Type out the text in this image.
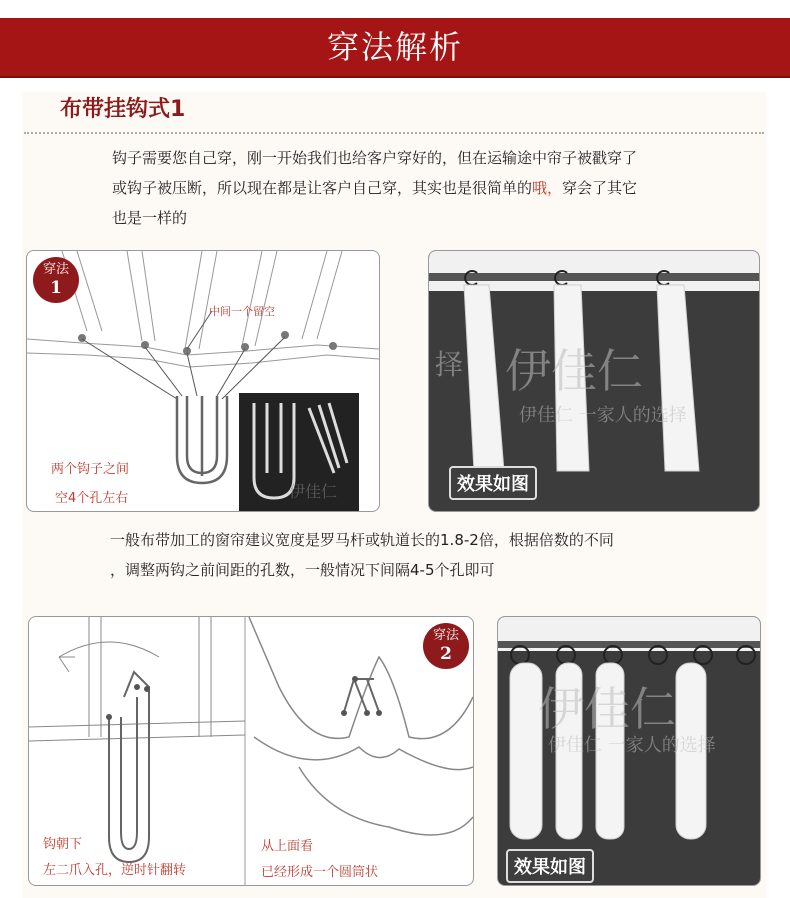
穿法解析
布带挂钩式1
钩子需要您自己穿，刚一开始我们也给客户穿好的，但在运输途中帘子被戳穿了
或钩子被压断，所以现在都是让客户自己穿，其实也是很简单的哦，穿会了其它
也是一样的
穿法
1
中间一个留空
两个钩子之间
空4个孔左右	伊佳仁
择 伊佳仁
伊佳仁 一家人的选择
效果如图
一般布带加工的窗帘建议宽度是罗马杆或轨道长的1.8-2倍，根据倍数的不同
，调整两钩之前间距的孔数，一般情况下间隔4-5个孔即可
钩朝下
左二爪入孔，逆时针翻转
从上面看
已经形成一个圆筒状
穿法
2
伊佳仁
伊佳仁 一家人的选择
效果如图
